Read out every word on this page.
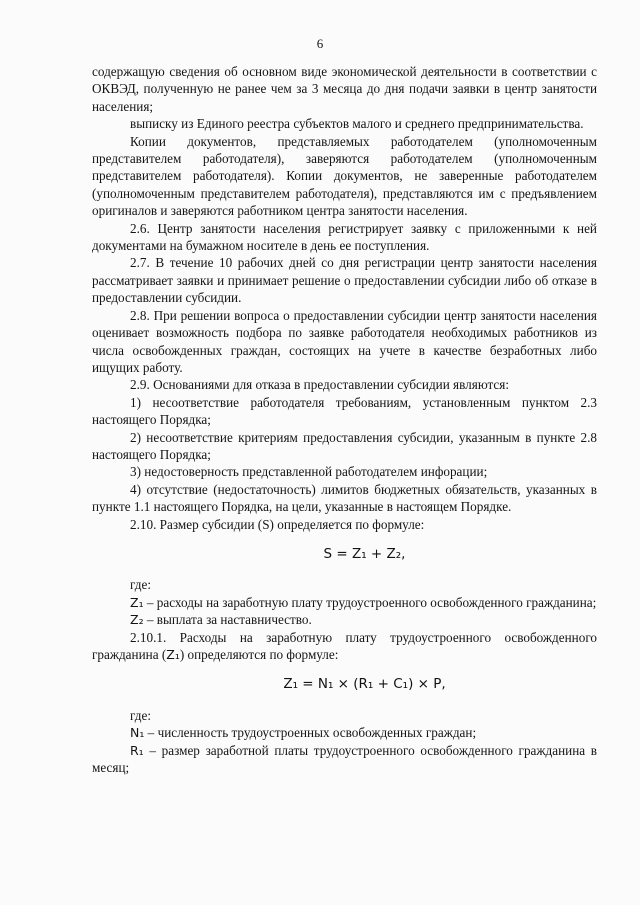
6

содержащую сведения об основном виде экономической деятельности в соответствии с ОКВЭД, полученную не ранее чем за 3 месяца до дня подачи заявки в центр занятости населения;

выписку из Единого реестра субъектов малого и среднего предпринимательства.

Копии документов, представляемых работодателем (уполномоченным представителем работодателя), заверяются работодателем (уполномоченным представителем работодателя). Копии документов, не заверенные работодателем (уполномоченным представителем работодателя), представляются им с предъявлением оригиналов и заверяются работником центра занятости населения.

2.6. Центр занятости населения регистрирует заявку с приложенными к ней документами на бумажном носителе в день ее поступления.

2.7. В течение 10 рабочих дней со дня регистрации центр занятости населения рассматривает заявки и принимает решение о предоставлении субсидии либо об отказе в предоставлении субсидии.

2.8. При решении вопроса о предоставлении субсидии центр занятости населения оценивает возможность подбора по заявке работодателя необходимых работников из числа освобожденных граждан, состоящих на учете в качестве безработных либо ищущих работу.

2.9. Основаниями для отказа в предоставлении субсидии являются:

1) несоответствие работодателя требованиям, установленным пунктом 2.3 настоящего Порядка;

2) несоответствие критериям предоставления субсидии, указанным в пунктe 2.8 настоящего Порядка;

3) недостоверность представленной работодателем инфорации;

4) отсутствие (недостаточность) лимитов бюджетных обязательств, указанных в пункте 1.1 настоящего Порядка, на цели, указанные в настоящем Порядке.

2.10. Размер субсидии (S) определяется по формуле:

S = Z₁ + Z₂,

где:

Z₁ – расходы на заработную плату трудоустроенного освобожденного гражданина;

Z₂ – выплата за наставничество.

2.10.1. Расходы на заработную плату трудоустроенного освобожденного гражданина (Z₁) определяются по формуле:

Z₁ = N₁ × (R₁ + C₁) × P,

где:

N₁ – численность трудоустроенных освобожденных граждан;

R₁ – размер заработной платы трудоустроенного освобожденного гражданина в месяц;
